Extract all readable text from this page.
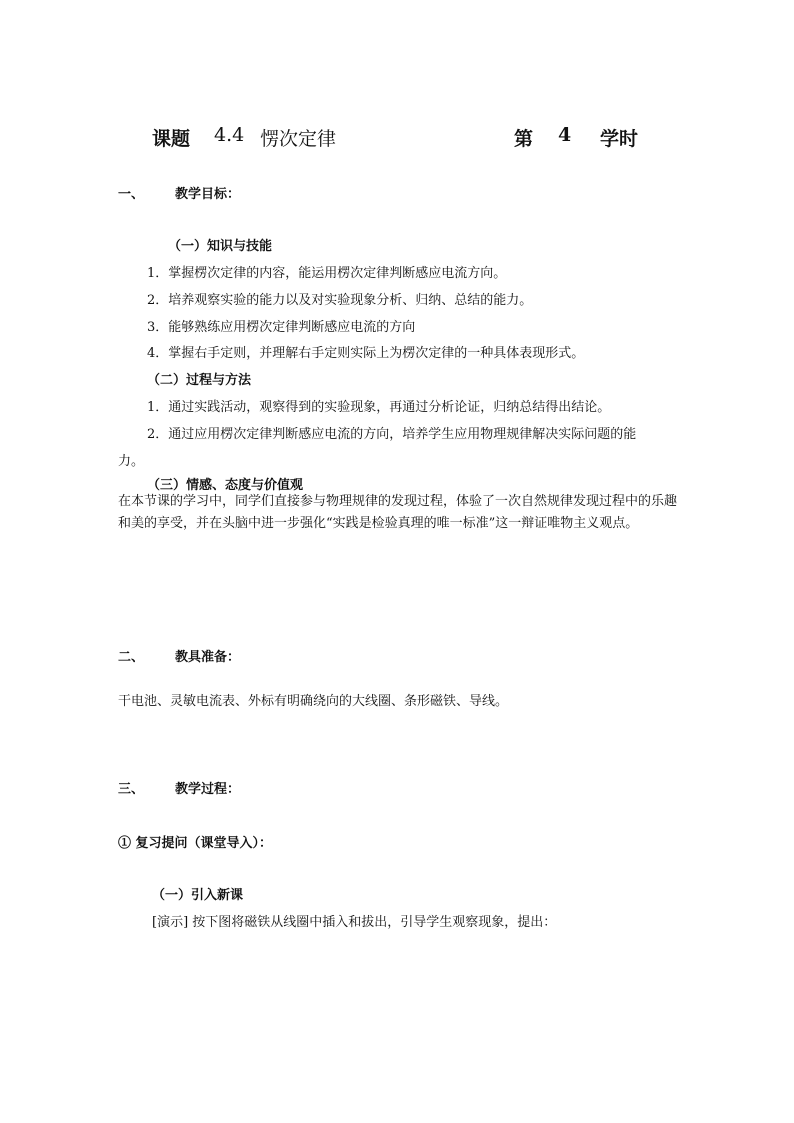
课题 4.4 愣次定律	第 4 学时
一、 教学目标：
（一）知识与技能
1．掌握楞次定律的内容，能运用楞次定律判断感应电流方向。
2．培养观察实验的能力以及对实验现象分析、归纳、总结的能力。
3．能够熟练应用楞次定律判断感应电流的方向
4．掌握右手定则，并理解右手定则实际上为楞次定律的一种具体表现形式。
（二）过程与方法
1．通过实践活动，观察得到的实验现象，再通过分析论证，归纳总结得出结论。
2．通过应用楞次定律判断感应电流的方向，培养学生应用物理规律解决实际问题的能
力。
（三）情感、态度与价值观
在本节课的学习中，同学们直接参与物理规律的发现过程，体验了一次自然规律发现过程中的乐趣和美的享受，并在头脑中进一步强化“实践是检验真理的唯一标准”这一辩证唯物主义观点。
二、 教具准备：
干电池、灵敏电流表、外标有明确绕向的大线圈、条形磁铁、导线。
三、 教学过程：
① 复习提问（课堂导入）：
（一）引入新课
[演示] 按下图将磁铁从线圈中插入和拔出，引导学生观察现象，提出：
